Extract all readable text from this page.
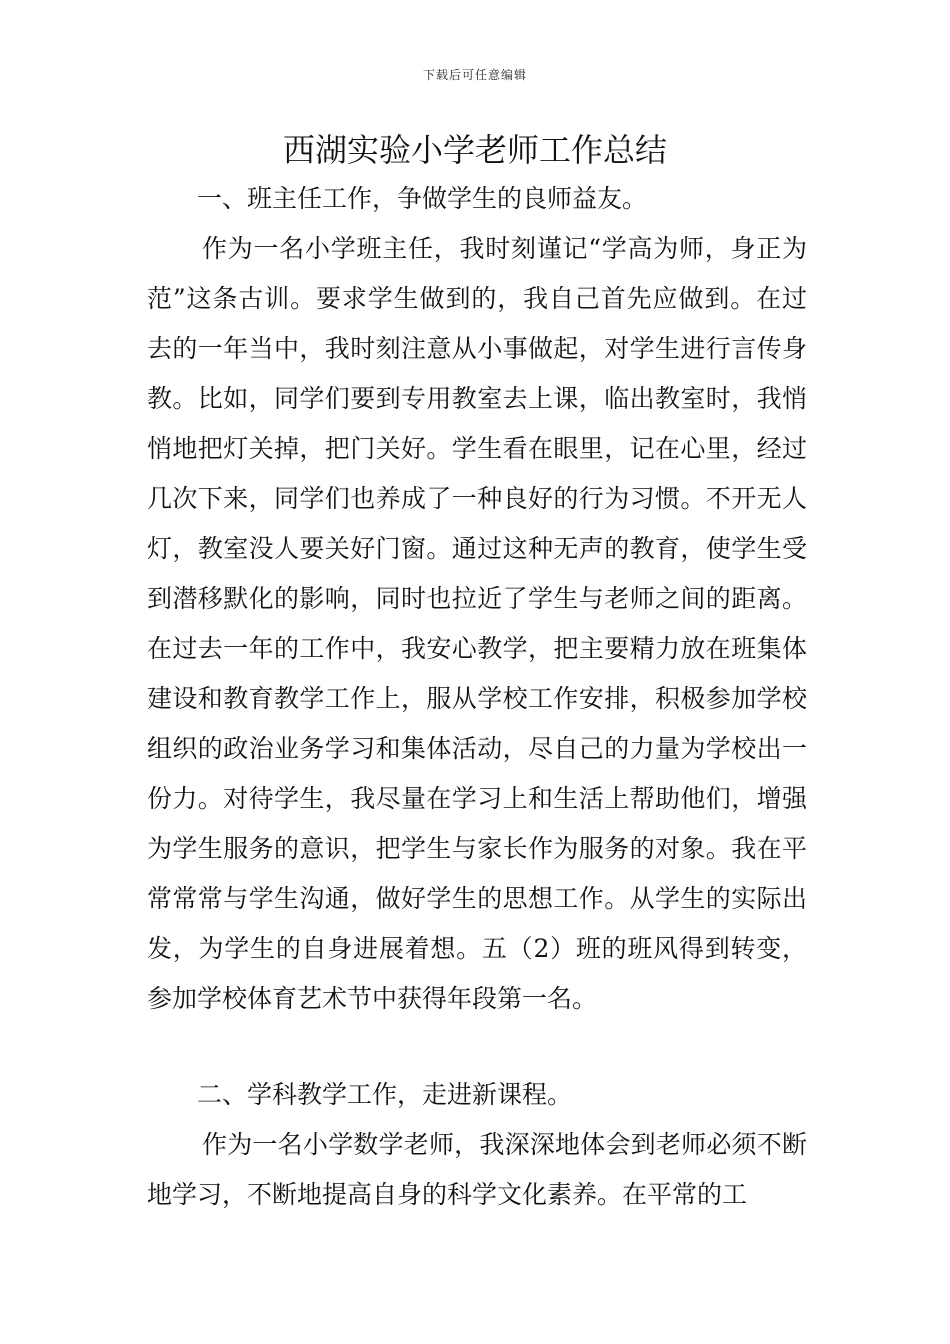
下载后可任意编辑
西湖实验小学老师工作总结

一、班主任工作，争做学生的良师益友。

作为一名小学班主任，我时刻谨记“学高为师，身正为范”这条古训。要求学生做到的，我自己首先应做到。在过去的一年当中，我时刻注意从小事做起，对学生进行言传身教。比如，同学们要到专用教室去上课，临出教室时，我悄悄地把灯关掉，把门关好。学生看在眼里，记在心里，经过几次下来，同学们也养成了一种良好的行为习惯。不开无人灯，教室没人要关好门窗。通过这种无声的教育，使学生受到潜移默化的影响，同时也拉近了学生与老师之间的距离。在过去一年的工作中，我安心教学，把主要精力放在班集体建设和教育教学工作上，服从学校工作安排，积极参加学校组织的政治业务学习和集体活动，尽自己的力量为学校出一份力。对待学生，我尽量在学习上和生活上帮助他们，增强为学生服务的意识，把学生与家长作为服务的对象。我在平常常常与学生沟通，做好学生的思想工作。从学生的实际出发，为学生的自身进展着想。五（2）班的班风得到转变，参加学校体育艺术节中获得年段第一名。

二、学科教学工作，走进新课程。

作为一名小学数学老师，我深深地体会到老师必须不断地学习，不断地提高自身的科学文化素养。在平常的工
